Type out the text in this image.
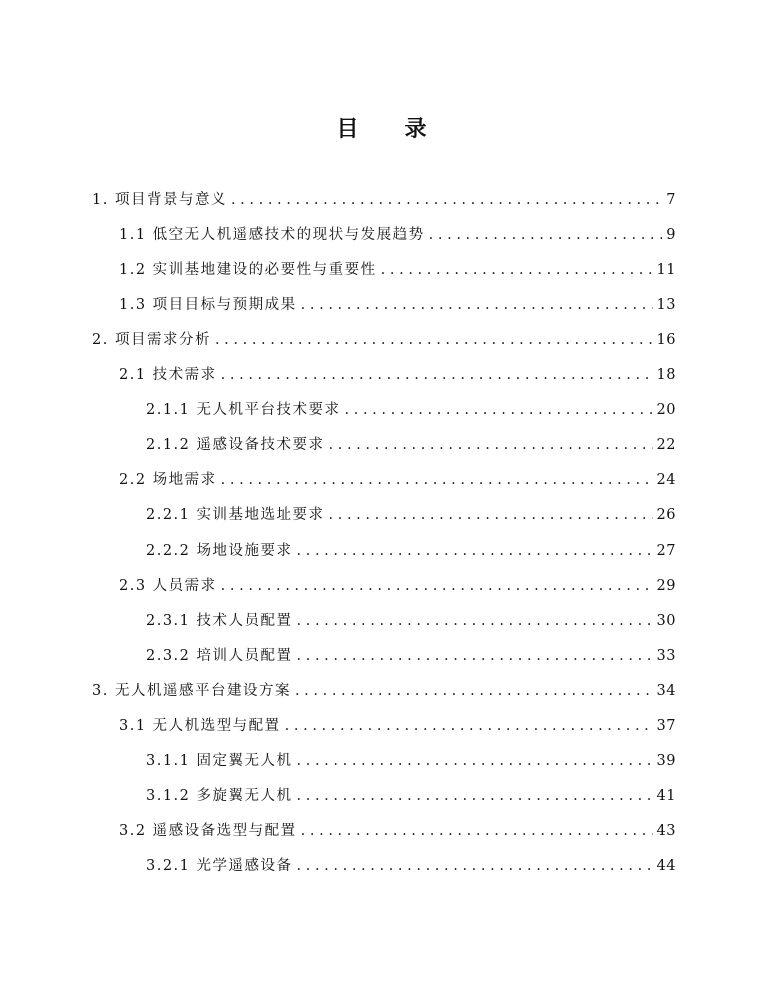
目 录
1. 项目背景与意义 . . .	7
1.1 低空无人机遥感技术的现状与发展趋势 . . .	9
1.2 实训基地建设的必要性与重要性 . . .	11
1.3 项目目标与预期成果 . . .	13
2. 项目需求分析 . . .	16
2.1 技术需求 . . .	18
2.1.1 无人机平台技术要求 . . .	20
2.1.2 遥感设备技术要求 . . .	22
2.2 场地需求 . . .	24
2.2.1 实训基地选址要求 . . .	26
2.2.2 场地设施要求 . . .	27
2.3 人员需求 . . .	29
2.3.1 技术人员配置 . . .	30
2.3.2 培训人员配置 . . .	33
3. 无人机遥感平台建设方案 . . .	34
3.1 无人机选型与配置 . . .	37
3.1.1 固定翼无人机 . . .	39
3.1.2 多旋翼无人机 . . .	41
3.2 遥感设备选型与配置 . . .	43
3.2.1 光学遥感设备 . . .	44
